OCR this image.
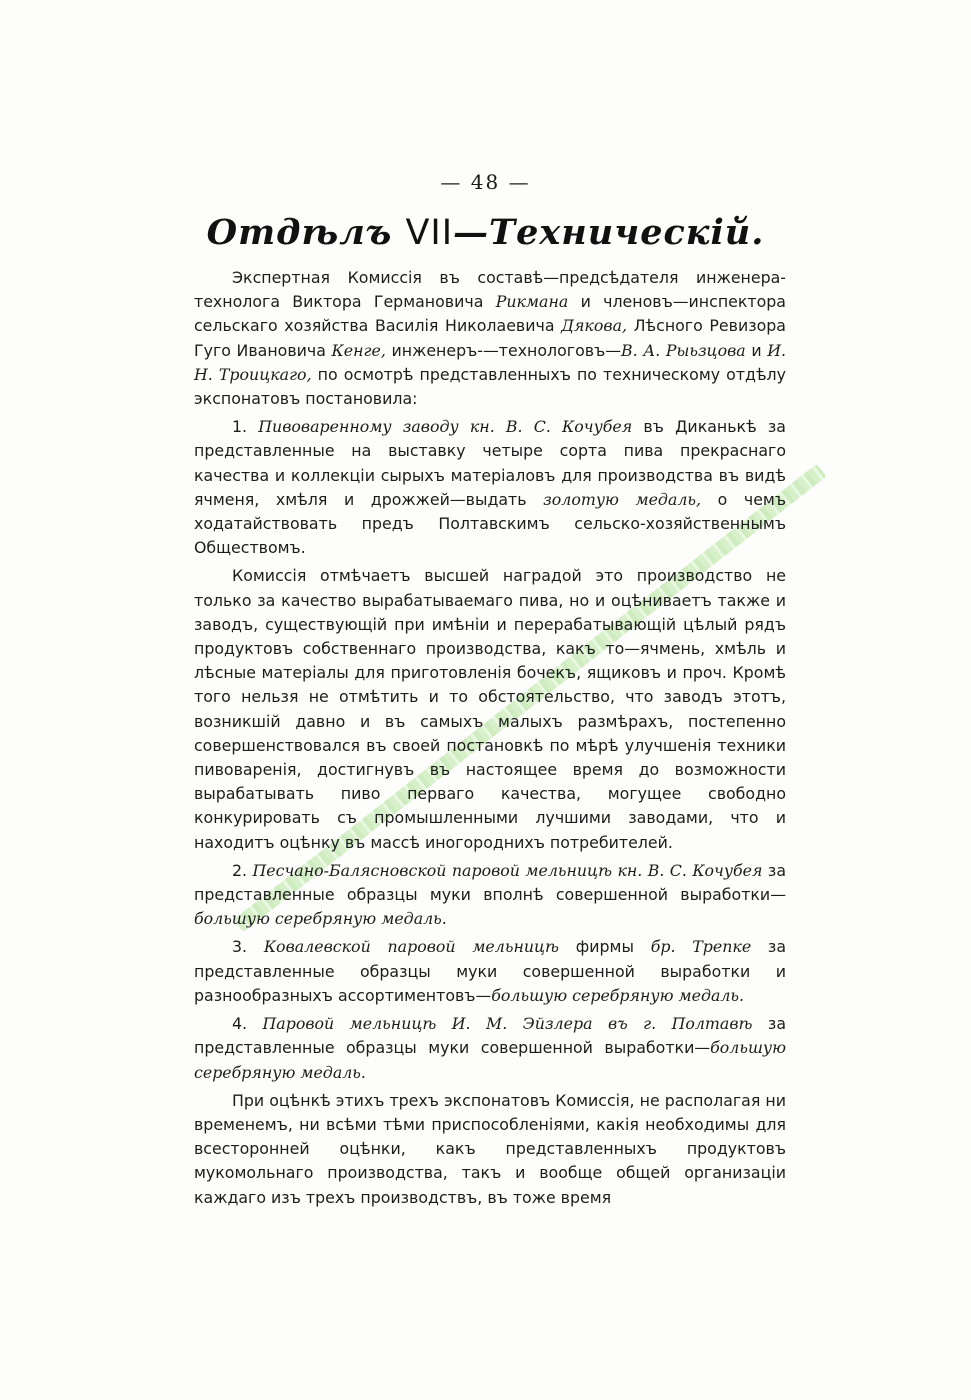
— 48 —
Отдѣлъ VII—Техническій.

Экспертная Комиссія въ составѣ—предсѣдателя инженера-технолога Виктора Германовича Рикмана и членовъ—инспектора сельскаго хозяйства Василія Николаевича Дякова, Лѣсного Ревизора Гуго Ивановича Кенге, инженеръ-—технологовъ—В. А. Рыьзцова и И. Н. Троицкаго, по осмотрѣ представленныхъ по техническому отдѣлу экспонатовъ постановила:

1. Пивоваренному заводу кн. В. С. Кочубея въ Диканькѣ за представленные на выставку четыре сорта пива прекраснаго качества и коллекціи сырыхъ матеріаловъ для производства въ видѣ ячменя, хмѣля и дрожжей—выдать золотую медаль, о чемъ ходатайствовать предъ Полтавскимъ сельско-хозяйственнымъ Обществомъ.

Комиссія отмѣчаетъ высшей наградой это производство не только за качество вырабатываемаго пива, но и оцѣниваетъ также и заводъ, существующій при имѣніи и перерабатывающій цѣлый рядъ продуктовъ собственнаго производства, какъ то—ячмень, хмѣль и лѣсные матеріалы для приготовленія бочекъ, ящиковъ и проч. Кромѣ того нельзя не отмѣтить и то обстоятельство, что заводъ этотъ, возникшій давно и въ самыхъ малыхъ размѣрахъ, постепенно совершенствовался въ своей постановкѣ по мѣрѣ улучшенія техники пивоваренія, достигнувъ въ настоящее время до возможности вырабатывать пиво перваго качества, могущее свободно конкурировать съ промышленными лучшими заводами, что и находитъ оцѣнку въ массѣ иногороднихъ потребителей.

2. Песчано-Балясновской паровой мельницѣ кн. В. С. Кочубея за представленные образцы муки вполнѣ совершенной выработки—большую серебряную медаль.

3. Ковалевской паровой мельницѣ фирмы бр. Трепке за представленные образцы муки совершенной выработки и разнообразныхъ ассортиментовъ—большую серебряную медаль.

4. Паровой мельницѣ И. М. Эйзлера въ г. Полтавѣ за представленные образцы муки совершенной выработки—большую серебряную медаль.

При оцѣнкѣ этихъ трехъ экспонатовъ Комиссія, не располагая ни временемъ, ни всѣми тѣми приспособленіями, какія необходимы для всесторонней оцѣнки, какъ представленныхъ продуктовъ мукомольнаго производства, такъ и вообще общей организаціи каждаго изъ трехъ производствъ, въ тоже время
